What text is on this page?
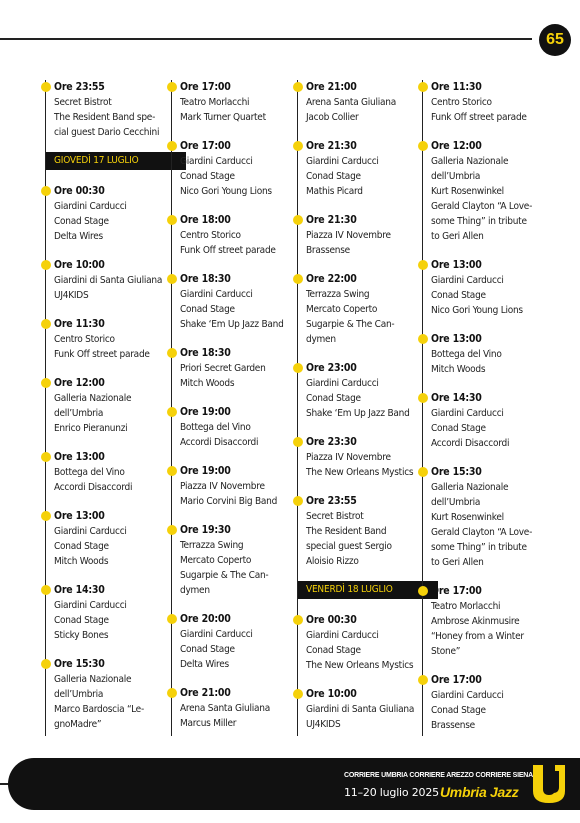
65
Ore 23:55
Secret Bistrot
The Resident Band spe-
cial guest Dario Cecchini
GIOVEDÌ 17 LUGLIO
Ore 00:30
Giardini Carducci
Conad Stage
Delta Wires
Ore 10:00
Giardini di Santa Giuliana
UJ4KIDS
Ore 11:30
Centro Storico
Funk Off street parade
Ore 12:00
Galleria Nazionale
dell’Umbria
Enrico Pieranunzi
Ore 13:00
Bottega del Vino
Accordi Disaccordi
Ore 13:00
Giardini Carducci
Conad Stage
Mitch Woods
Ore 14:30
Giardini Carducci
Conad Stage
Sticky Bones
Ore 15:30
Galleria Nazionale
dell’Umbria
Marco Bardoscia “Le-
gnoMadre”
Ore 17:00
Teatro Morlacchi
Mark Turner Quartet
Ore 17:00
Giardini Carducci
Conad Stage
Nico Gori Young Lions
Ore 18:00
Centro Storico
Funk Off street parade
Ore 18:30
Giardini Carducci
Conad Stage
Shake ‘Em Up Jazz Band
Ore 18:30
Priori Secret Garden
Mitch Woods
Ore 19:00
Bottega del Vino
Accordi Disaccordi
Ore 19:00
Piazza IV Novembre
Mario Corvini Big Band
Ore 19:30
Terrazza Swing
Mercato Coperto
Sugarpie & The Can-
dymen
Ore 20:00
Giardini Carducci
Conad Stage
Delta Wires
Ore 21:00
Arena Santa Giuliana
Marcus Miller
Ore 21:00
Arena Santa Giuliana
Jacob Collier
Ore 21:30
Giardini Carducci
Conad Stage
Mathis Picard
Ore 21:30
Piazza IV Novembre
Brassense
Ore 22:00
Terrazza Swing
Mercato Coperto
Sugarpie & The Can-
dymen
Ore 23:00
Giardini Carducci
Conad Stage
Shake ‘Em Up Jazz Band
Ore 23:30
Piazza IV Novembre
The New Orleans Mystics
Ore 23:55
Secret Bistrot
The Resident Band
special guest Sergio
Aloisio Rizzo
VENERDÌ 18 LUGLIO
Ore 00:30
Giardini Carducci
Conad Stage
The New Orleans Mystics
Ore 10:00
Giardini di Santa Giuliana
UJ4KIDS
Ore 11:30
Centro Storico
Funk Off street parade
Ore 12:00
Galleria Nazionale
dell’Umbria
Kurt Rosenwinkel
Gerald Clayton “A Love-
some Thing” in tribute
to Geri Allen
Ore 13:00
Giardini Carducci
Conad Stage
Nico Gori Young Lions
Ore 13:00
Bottega del Vino
Mitch Woods
Ore 14:30
Giardini Carducci
Conad Stage
Accordi Disaccordi
Ore 15:30
Galleria Nazionale
dell’Umbria
Kurt Rosenwinkel
Gerald Clayton “A Love-
some Thing” in tribute
to Geri Allen
Ore 17:00
Teatro Morlacchi
Ambrose Akinmusire
“Honey from a Winter
Stone”
Ore 17:00
Giardini Carducci
Conad Stage
Brassense
CORRIERE UMBRIA CORRIERE AREZZO CORRIERE SIENA
11–20 luglio 2025 Umbria Jazz
